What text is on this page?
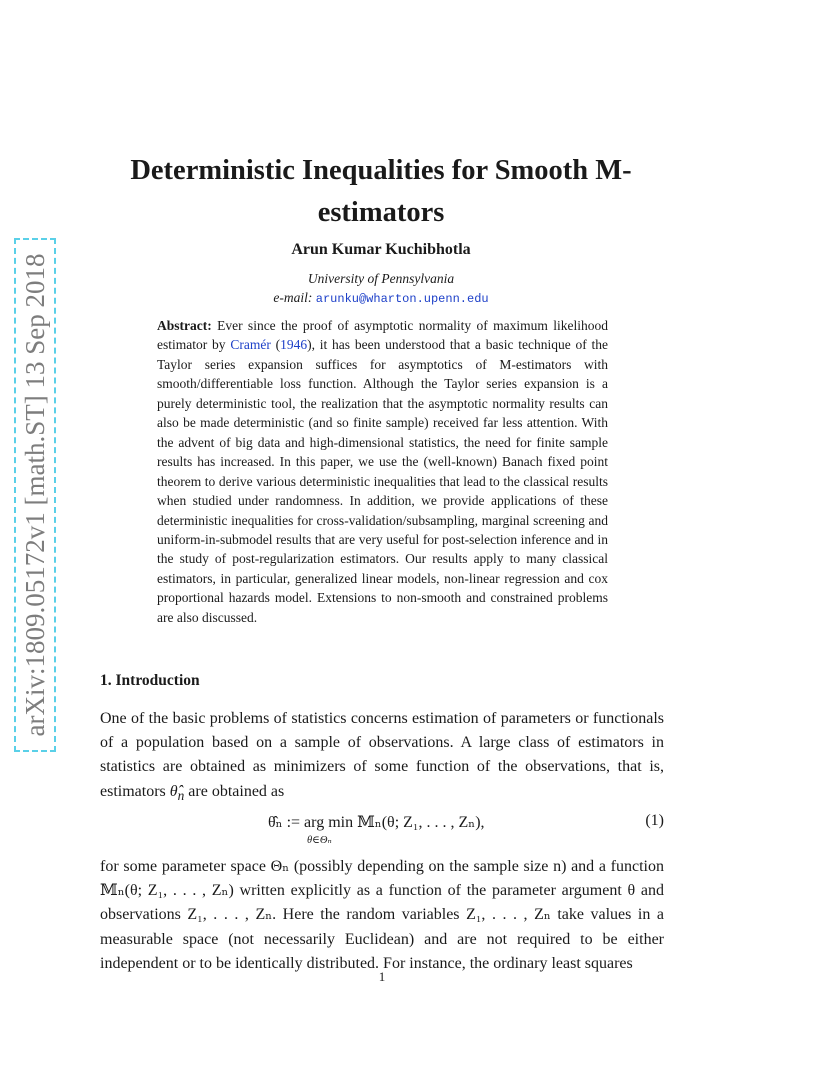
arXiv:1809.05172v1 [math.ST] 13 Sep 2018
Deterministic Inequalities for Smooth M-estimators
Arun Kumar Kuchibhotla
University of Pennsylvania
e-mail: arunku@wharton.upenn.edu
Abstract: Ever since the proof of asymptotic normality of maximum likelihood estimator by Cramér (1946), it has been understood that a basic technique of the Taylor series expansion suffices for asymptotics of M-estimators with smooth/differentiable loss function. Although the Taylor series expansion is a purely deterministic tool, the realization that the asymptotic normality results can also be made deterministic (and so finite sample) received far less attention. With the advent of big data and high-dimensional statistics, the need for finite sample results has increased. In this paper, we use the (well-known) Banach fixed point theorem to derive various deterministic inequalities that lead to the classical results when studied under randomness. In addition, we provide applications of these deterministic inequalities for cross-validation/subsampling, marginal screening and uniform-in-submodel results that are very useful for post-selection inference and in the study of post-regularization estimators. Our results apply to many classical estimators, in particular, generalized linear models, non-linear regression and cox proportional hazards model. Extensions to non-smooth and constrained problems are also discussed.
1. Introduction
One of the basic problems of statistics concerns estimation of parameters or functionals of a population based on a sample of observations. A large class of estimators in statistics are obtained as minimizers of some function of the observations, that is, estimators $\thetâ_n$ are obtained as
θ̂ₙ := arg min 𝕄ₙ(θ; Z₁, . . . , Zₙ),
θ∈Θₙ
(1)
for some parameter space Θₙ (possibly depending on the sample size n) and a function 𝕄ₙ(θ; Z₁, . . . , Zₙ) written explicitly as a function of the parameter argument θ and observations Z₁, . . . , Zₙ. Here the random variables Z₁, . . . , Zₙ take values in a measurable space (not necessarily Euclidean) and are not required to be either independent or to be identically distributed. For instance, the ordinary least squares
1
